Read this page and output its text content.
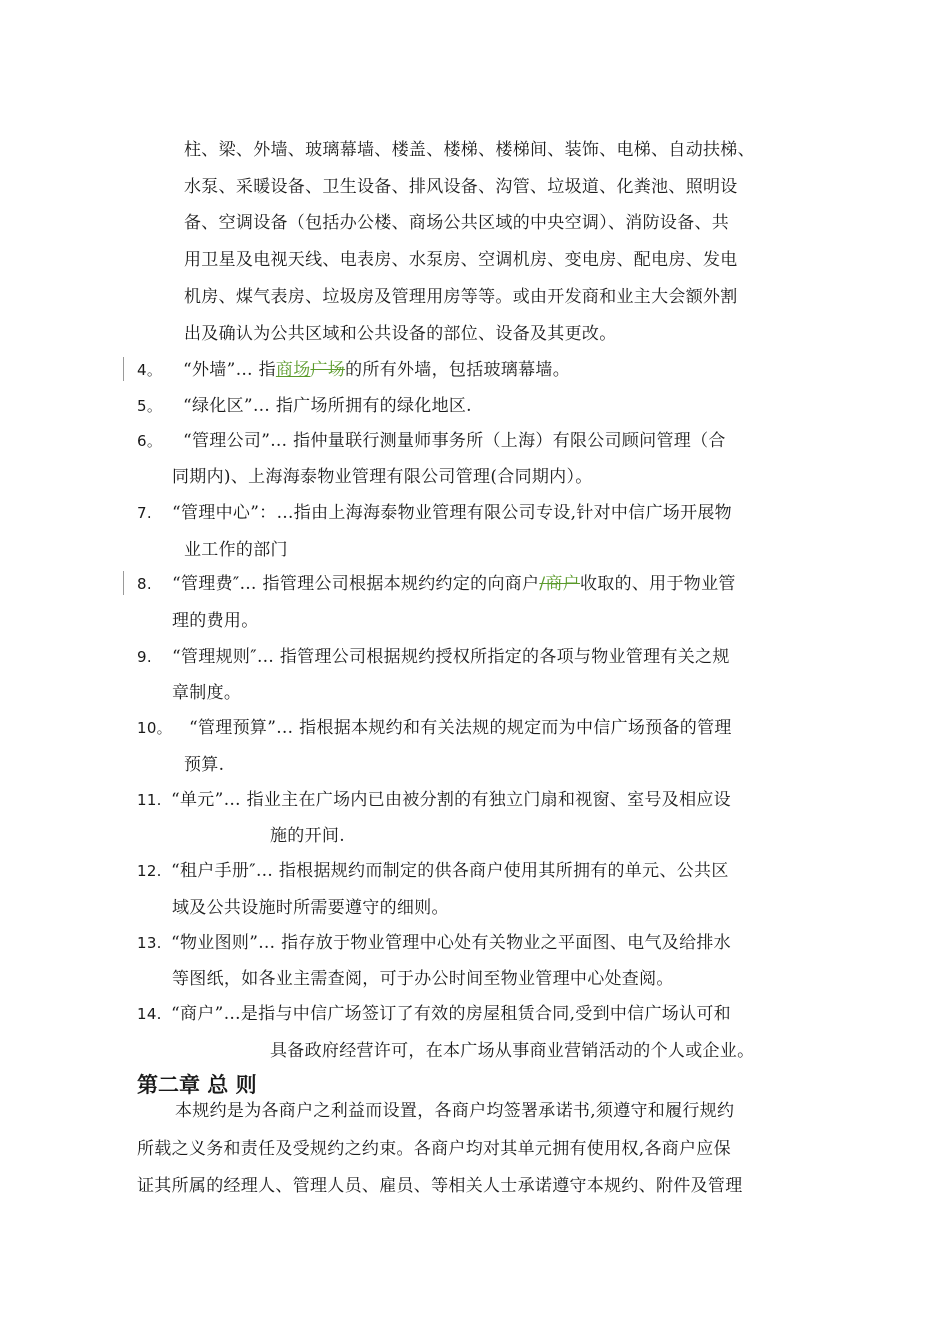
柱、梁、外墙、玻璃幕墙、楼盖、楼梯、楼梯间、装饰、电梯、自动扶梯、
水泵、采暖设备、卫生设备、排风设备、沟管、垃圾道、化粪池、照明设
备、空调设备（包括办公楼、商场公共区域的中央空调）、消防设备、共
用卫星及电视天线、电表房、水泵房、空调机房、变电房、配电房、发电
机房、煤气表房、垃圾房及管理用房等等。或由开发商和业主大会额外割
出及确认为公共区域和公共设备的部位、设备及其更改。
4。 “外墙”… 指商场广场的所有外墙，包括玻璃幕墙。
5。 “绿化区”… 指广场所拥有的绿化地区.
6。 “管理公司”… 指仲量联行测量师事务所（上海）有限公司顾问管理（合
同期内)、上海海泰物业管理有限公司管理(合同期内）。
7. “管理中心”：…指由上海海泰物业管理有限公司专设,针对中信广场开展物
业工作的部门
8. “管理费″… 指管理公司根据本规约约定的向商户/商户收取的、用于物业管
理的费用。
9. “管理规则″… 指管理公司根据规约授权所指定的各项与物业管理有关之规
章制度。
10。 “管理预算”… 指根据本规约和有关法规的规定而为中信广场预备的管理
预算.
11. “单元”… 指业主在广场内已由被分割的有独立门扇和视窗、室号及相应设
施的开间.
12. “租户手册″… 指根据规约而制定的供各商户使用其所拥有的单元、公共区
域及公共设施时所需要遵守的细则。
13. “物业图则”… 指存放于物业管理中心处有关物业之平面图、电气及给排水
等图纸，如各业主需查阅，可于办公时间至物业管理中心处查阅。
14. “商户”…是指与中信广场签订了有效的房屋租赁合同,受到中信广场认可和
具备政府经营许可，在本广场从事商业营销活动的个人或企业。
第二章 总 则
本规约是为各商户之利益而设置，各商户均签署承诺书,须遵守和履行规约
所载之义务和责任及受规约之约束。各商户均对其单元拥有使用权,各商户应保
证其所属的经理人、管理人员、雇员、等相关人士承诺遵守本规约、附件及管理
